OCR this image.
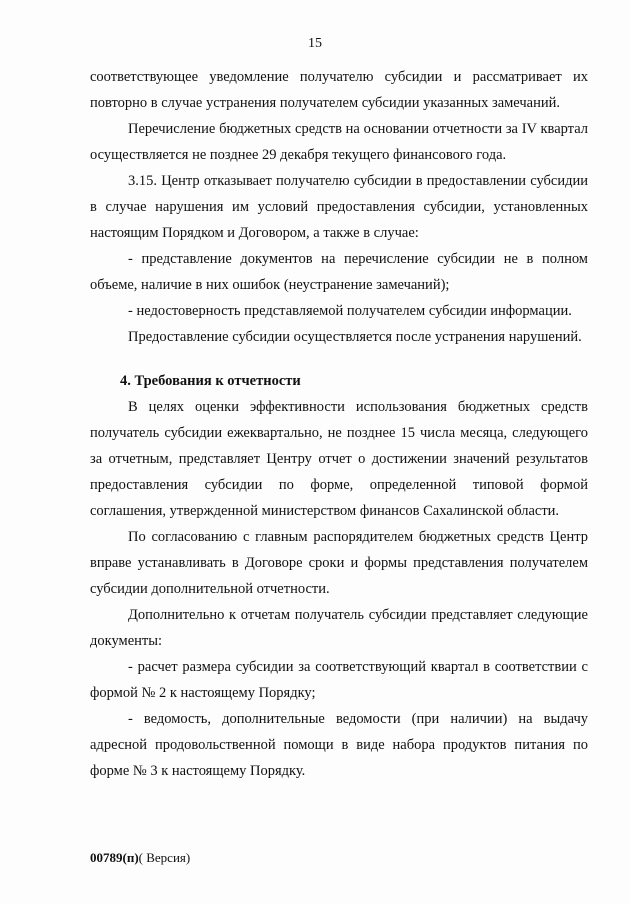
15

соответствующее уведомление получателю субсидии и рассматривает их повторно в случае устранения получателем субсидии указанных замечаний.

Перечисление бюджетных средств на основании отчетности за IV квартал осуществляется не позднее 29 декабря текущего финансового года.

3.15. Центр отказывает получателю субсидии в предоставлении субсидии в случае нарушения им условий предоставления субсидии, установленных настоящим Порядком и Договором, а также в случае:

- представление документов на перечисление субсидии не в полном объеме, наличие в них ошибок (неустранение замечаний);

- недостоверность представляемой получателем субсидии информации.

Предоставление субсидии осуществляется после устранения нарушений.

4. Требования к отчетности

В целях оценки эффективности использования бюджетных средств получатель субсидии ежеквартально, не позднее 15 числа месяца, следующего за отчетным, представляет Центру отчет о достижении значений результатов предоставления субсидии по форме, определенной типовой формой соглашения, утвержденной министерством финансов Сахалинской области.

По согласованию с главным распорядителем бюджетных средств Центр вправе устанавливать в Договоре сроки и формы представления получателем субсидии дополнительной отчетности.

Дополнительно к отчетам получатель субсидии представляет следующие документы:

- расчет размера субсидии за соответствующий квартал в соответствии с формой № 2 к настоящему Порядку;

- ведомость, дополнительные ведомости (при наличии) на выдачу адресной продовольственной помощи в виде набора продуктов питания по форме № 3 к настоящему Порядку.

00789(п)( Версия)
